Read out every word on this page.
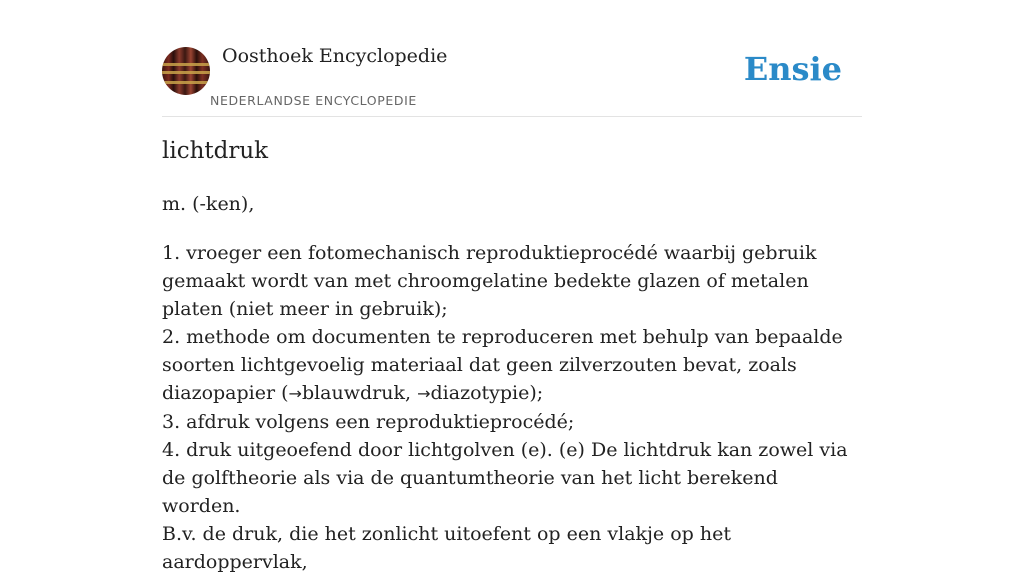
Oosthoek Encyclopedie
NEDERLANDSE ENCYCLOPEDIE
Ensie
lichtdruk
m. (-ken),

1. vroeger een fotomechanisch reproduktieprocédé waarbij gebruik gemaakt wordt van met chroomgelatine bedekte glazen of metalen platen (niet meer in gebruik);

2. methode om documenten te reproduceren met behulp van bepaalde soorten lichtgevoelig materiaal dat geen zilverzouten bevat, zoals diazopapier (→blauwdruk, →diazotypie);

3. afdruk volgens een reproduktieprocédé;

4. druk uitgeoefend door lichtgolven (e). (e) De lichtdruk kan zowel via de golftheorie als via de quantumtheorie van het licht berekend worden.

B.v. de druk, die het zonlicht uitoefent op een vlakje op het aardoppervlak,
